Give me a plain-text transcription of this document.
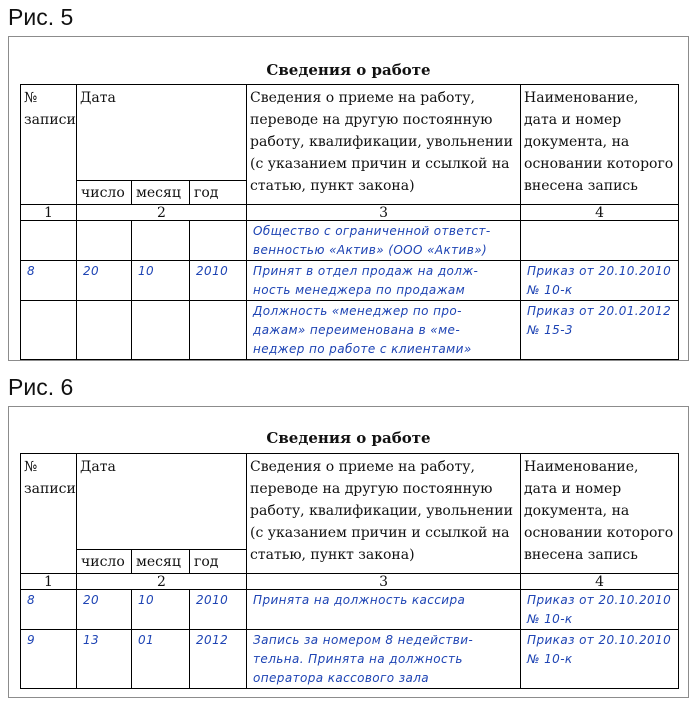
Рис. 5
Сведения о работе
№
записи	Дата			Сведения о приеме на работу, переводе на другую постоянную работу, квалификации, увольнении (с указанием причин и ссылкой на статью, пункт закона)	Наименование, дата и номер документа, на основании которого внесена запись
	число	месяц	год		
1	2			3	4
				Общество с ограниченной ответст-
венностью «Актив» (ООО «Актив»)	
8	20	10	2010	Принят в отдел продаж на долж-
ность менеджера по продажам	Приказ от 20.10.2010
№ 10-к
				Должность «менеджер по про-
дажам» переименована в «ме-
неджер по работе с клиентами»	Приказ от 20.01.2012
№ 15-3
Рис. 6
Сведения о работе
№
записи	Дата			Сведения о приеме на работу, переводе на другую постоянную работу, квалификации, увольнении (с указанием причин и ссылкой на статью, пункт закона)	Наименование, дата и номер документа, на основании которого внесена запись
	число	месяц	год		
1	2			3	4
8	20	10	2010	Принята на должность кассира	Приказ от 20.10.2010
№ 10-к
9	13	01	2012	Запись за номером 8 недействи-
тельна. Принята на должность
оператора кассового зала	Приказ от 20.10.2010
№ 10-к
